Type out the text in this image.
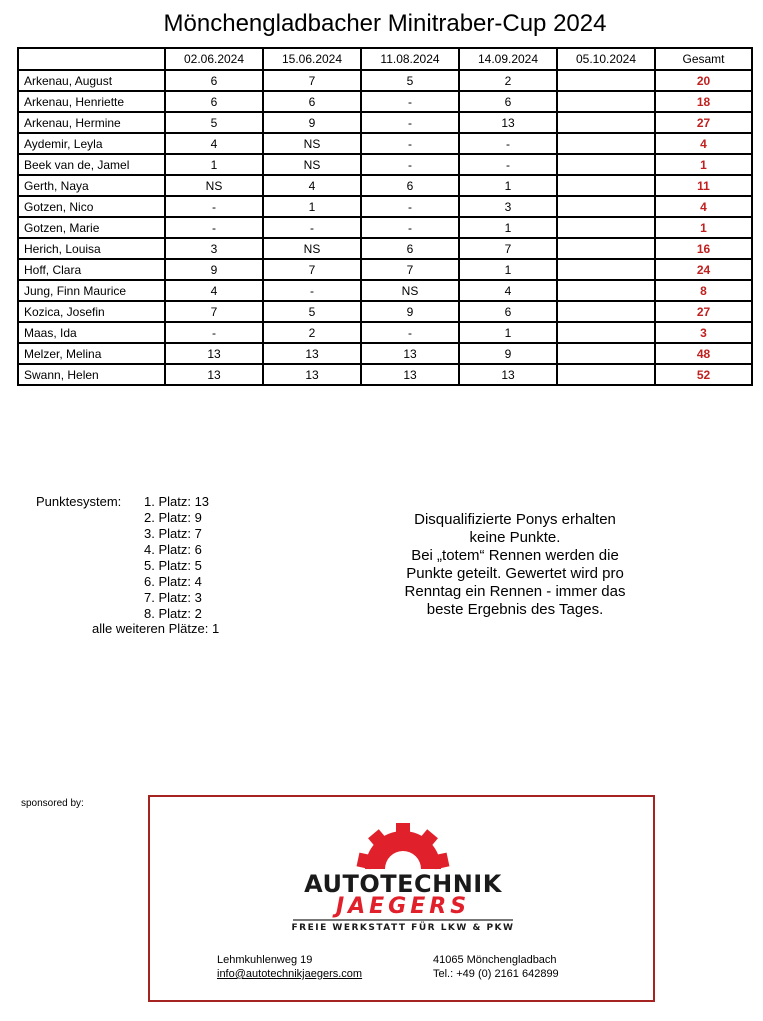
Mönchengladbacher Minitraber-Cup 2024
	02.06.2024	15.06.2024	11.08.2024	14.09.2024	05.10.2024	Gesamt
Arkenau, August	6	7	5	2		20
Arkenau, Henriette	6	6	-	6		18
Arkenau, Hermine	5	9	-	13		27
Aydemir, Leyla	4	NS	-	-		4
Beek van de, Jamel	1	NS	-	-		1
Gerth, Naya	NS	4	6	1		11
Gotzen, Nico	-	1	-	3		4
Gotzen, Marie	-	-	-	1		1
Herich, Louisa	3	NS	6	7		16
Hoff, Clara	9	7	7	1		24
Jung, Finn Maurice	4	-	NS	4		8
Kozica, Josefin	7	5	9	6		27
Maas, Ida	-	2	-	1		3
Melzer, Melina	13	13	13	9		48
Swann, Helen	13	13	13	13		52
Punktesystem: 1. Platz: 13
2. Platz: 9
3. Platz: 7
4. Platz: 6
5. Platz: 5
6. Platz: 4
7. Platz: 3
8. Platz: 2
alle weiteren Plätze: 1
Disqualifizierte Ponys erhalten
keine Punkte.
Bei „totem“ Rennen werden die
Punkte geteilt. Gewertet wird pro
Renntag ein Rennen - immer das
beste Ergebnis des Tages.
sponsored by:
AUTOTECHNIK
JAEGERS
FREIE WERKSTATT FÜR LKW & PKW
Lehmkuhlenweg 19
info@autotechnikjaegers.com
41065 Mönchengladbach
Tel.: +49 (0) 2161 642899
